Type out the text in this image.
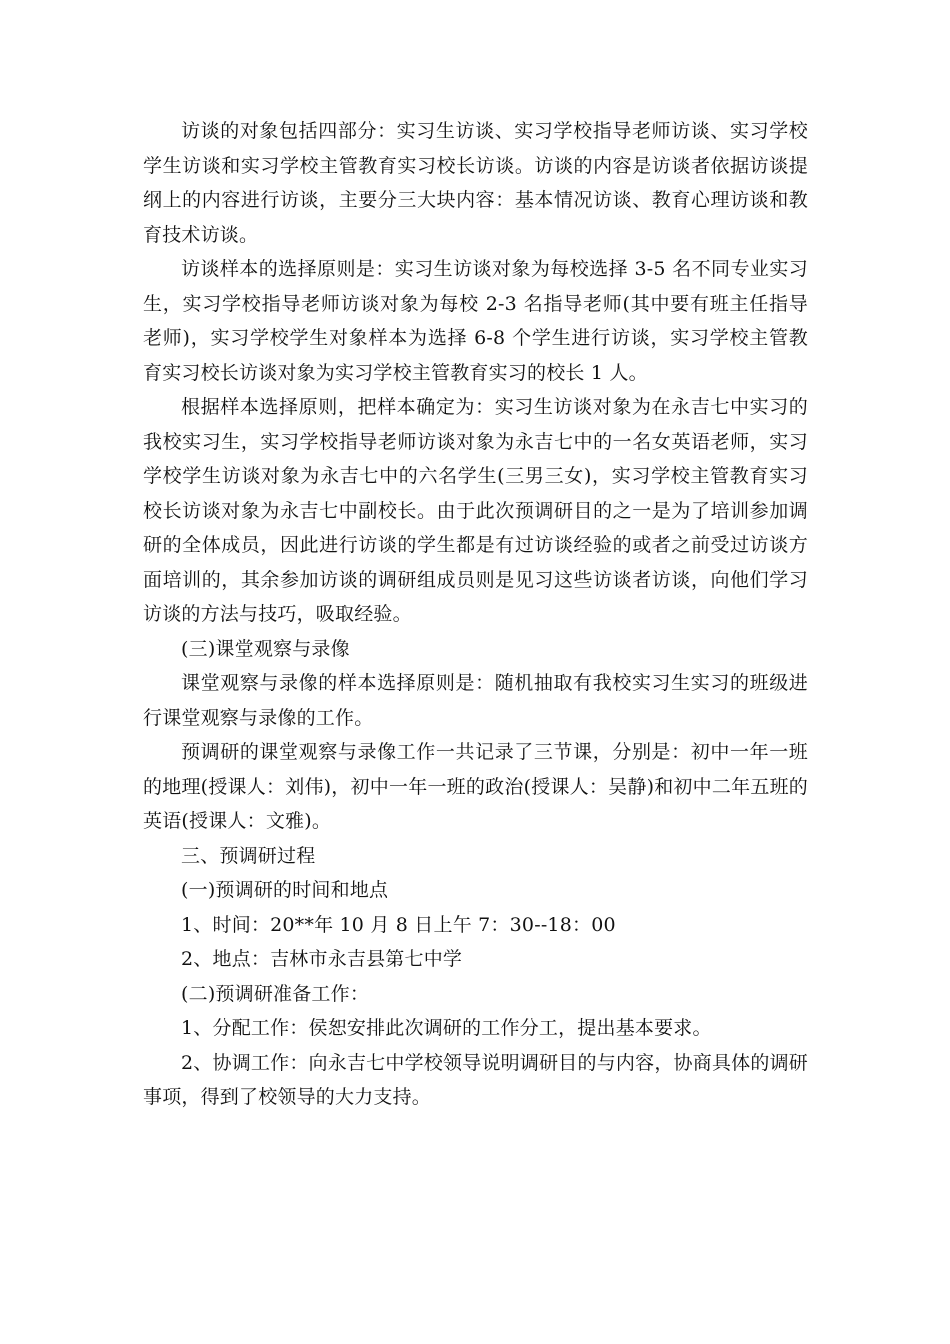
访谈的对象包括四部分：实习生访谈、实习学校指导老师访谈、实习学校学生访谈和实习学校主管教育实习校长访谈。访谈的内容是访谈者依据访谈提纲上的内容进行访谈，主要分三大块内容：基本情况访谈、教育心理访谈和教育技术访谈。

访谈样本的选择原则是：实习生访谈对象为每校选择 3-5 名不同专业实习生，实习学校指导老师访谈对象为每校 2-3 名指导老师(其中要有班主任指导老师)，实习学校学生对象样本为选择 6-8 个学生进行访谈，实习学校主管教育实习校长访谈对象为实习学校主管教育实习的校长 1 人。

根据样本选择原则，把样本确定为：实习生访谈对象为在永吉七中实习的我校实习生，实习学校指导老师访谈对象为永吉七中的一名女英语老师，实习学校学生访谈对象为永吉七中的六名学生(三男三女)，实习学校主管教育实习校长访谈对象为永吉七中副校长。由于此次预调研目的之一是为了培训参加调研的全体成员，因此进行访谈的学生都是有过访谈经验的或者之前受过访谈方面培训的，其余参加访谈的调研组成员则是见习这些访谈者访谈，向他们学习访谈的方法与技巧，吸取经验。

(三)课堂观察与录像

课堂观察与录像的样本选择原则是：随机抽取有我校实习生实习的班级进行课堂观察与录像的工作。

预调研的课堂观察与录像工作一共记录了三节课，分别是：初中一年一班的地理(授课人：刘伟)，初中一年一班的政治(授课人：吴静)和初中二年五班的英语(授课人：文雅)。

三、预调研过程

(一)预调研的时间和地点

1、时间：20**年 10 月 8 日上午 7：30--18：00

2、地点：吉林市永吉县第七中学

(二)预调研准备工作：

1、分配工作：侯恕安排此次调研的工作分工，提出基本要求。

2、协调工作：向永吉七中学校领导说明调研目的与内容，协商具体的调研事项，得到了校领导的大力支持。
